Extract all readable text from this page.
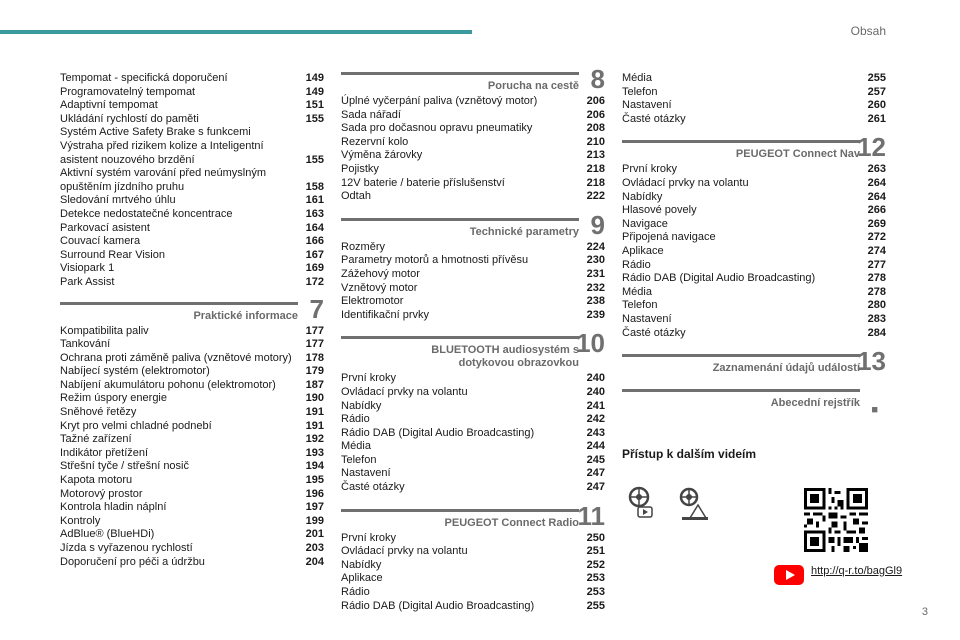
Obsah
Tempomat - specifická doporučení	149
Programovatelný tempomat	149
Adaptivní tempomat	151
Ukládání rychlostí do paměti	155
Systém Active Safety Brake s funkcemi Výstraha před rizikem kolize a Inteligentní asistent nouzového brzdění	155
Aktivní systém varování před neúmyslným opuštěním jízdního pruhu	158
Sledování mrtvého úhlu	161
Detekce nedostatečné koncentrace	163
Parkovací asistent	164
Couvací kamera	166
Surround Rear Vision	167
Visiopark 1	169
Park Assist	172
Praktické informace 7
Kompatibilita paliv	177
Tankování	177
Ochrana proti záměně paliva (vznětové motory)	178
Nabíjecí systém (elektromotor)	179
Nabíjení akumulátoru pohonu (elektromotor)	187
Režim úspory energie	190
Sněhové řetězy	191
Kryt pro velmi chladné podnebí	191
Tažné zařízení	192
Indikátor přetížení	193
Střešní tyče / střešní nosič	194
Kapota motoru	195
Motorový prostor	196
Kontrola hladin náplní	197
Kontroly	199
AdBlue® (BlueHDi)	201
Jízda s vyřazenou rychlostí	203
Doporučení pro péči a údržbu	204
Porucha na cestě 8
Úplné vyčerpání paliva (vznětový motor)	206
Sada nářadí	206
Sada pro dočasnou opravu pneumatiky	208
Rezervní kolo	210
Výměna žárovky	213
Pojistky	218
12V baterie / baterie příslušenství	218
Odtah	222
Technické parametry 9
Rozměry	224
Parametry motorů a hmotnosti přívěsu	230
Zážehový motor	231
Vznětový motor	232
Elektromotor	238
Identifikační prvky	239
BLUETOOTH audiosystém s dotykovou obrazovkou
10
První kroky	240
Ovládací prvky na volantu	240
Nabídky	241
Rádio	242
Rádio DAB (Digital Audio Broadcasting)	243
Média	244
Telefon	245
Nastavení	247
Časté otázky	247
PEUGEOT Connect Radio
11
První kroky	250
Ovládací prvky na volantu	251
Nabídky	252
Aplikace	253
Rádio	253
Rádio DAB (Digital Audio Broadcasting)	255
Média	255
Telefon	257
Nastavení	260
Časté otázky	261
PEUGEOT Connect Nav
12
První kroky	263
Ovládací prvky na volantu	264
Nabídky	264
Hlasové povely	266
Navigace	269
Připojená navigace	272
Aplikace	274
Rádio	277
Rádio DAB (Digital Audio Broadcasting)	278
Média	278
Telefon	280
Nastavení	283
Časté otázky	284
Zaznamenání údajů událostí
13
Abecední rejstřík
■
Přístup k dalším videím
http://q-r.to/bagGl9
3
